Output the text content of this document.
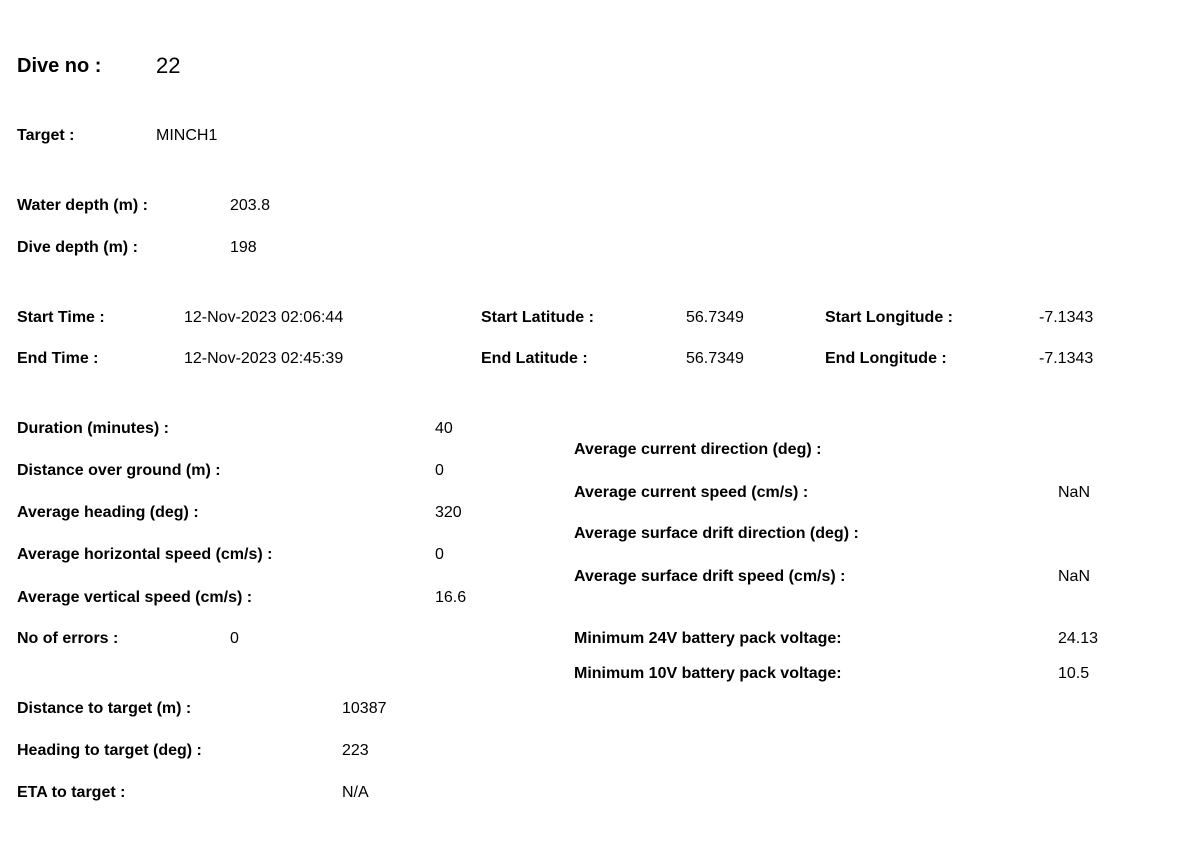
Dive no : 22
Target :	MINCH1
Water depth (m) :	203.8
Dive depth (m) :	198
Start Time :	12-Nov-2023 02:06:44	Start Latitude :	56.7349	Start Longitude :	-7.1343
End Time :	12-Nov-2023 02:45:39	End Latitude :	56.7349	End Longitude :	-7.1343
Duration (minutes) :	40
Distance over ground (m) :	0
Average heading (deg) :	320
Average horizontal speed (cm/s) :	0
Average vertical speed (cm/s) :	16.6
No of errors :	0
Average current direction (deg) :
Average current speed (cm/s) :	NaN
Average surface drift direction (deg) :
Average surface drift speed (cm/s) :	NaN
Minimum 24V battery pack voltage:	24.13
Minimum 10V battery pack voltage:	10.5
Distance to target (m) :	10387
Heading to target (deg) :	223
ETA to target :	N/A
